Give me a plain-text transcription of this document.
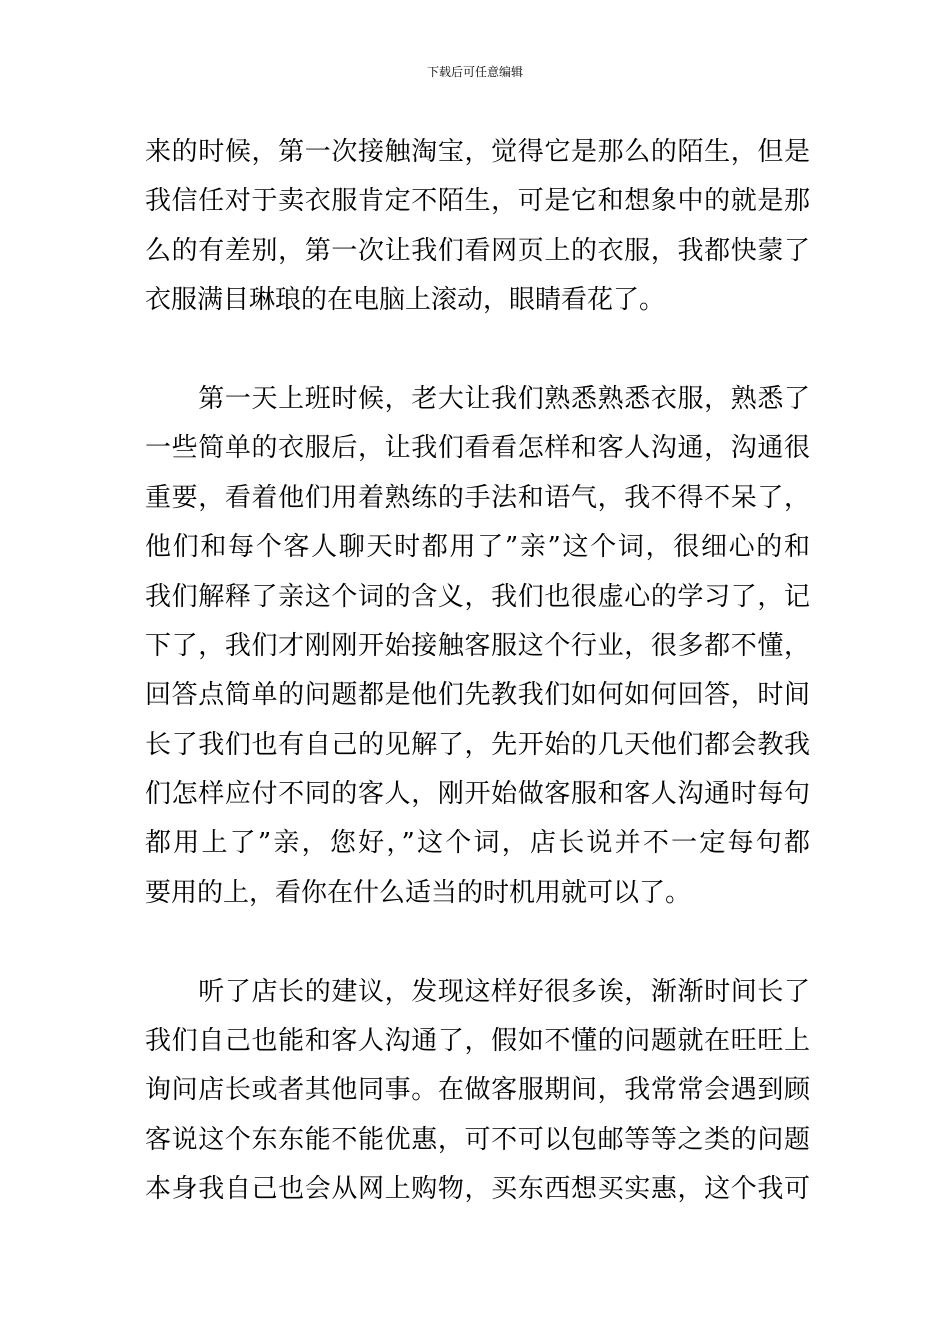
下载后可任意编辑
来的时候，第一次接触淘宝，觉得它是那么的陌生，但是
我信任对于卖衣服肯定不陌生，可是它和想象中的就是那
么的有差别，第一次让我们看网页上的衣服，我都快蒙了
衣服满目琳琅的在电脑上滚动，眼睛看花了。
　　第一天上班时候，老大让我们熟悉熟悉衣服，熟悉了
一些简单的衣服后，让我们看看怎样和客人沟通，沟通很
重要，看着他们用着熟练的手法和语气，我不得不呆了，
他们和每个客人聊天时都用了”亲”这个词，很细心的和
我们解释了亲这个词的含义，我们也很虚心的学习了，记
下了，我们才刚刚开始接触客服这个行业，很多都不懂，
回答点简单的问题都是他们先教我们如何如何回答，时间
长了我们也有自己的见解了，先开始的几天他们都会教我
们怎样应付不同的客人，刚开始做客服和客人沟通时每句
都用上了”亲，您好，”这个词，店长说并不一定每句都
要用的上，看你在什么适当的时机用就可以了。
　　听了店长的建议，发现这样好很多诶，渐渐时间长了
我们自己也能和客人沟通了，假如不懂的问题就在旺旺上
询问店长或者其他同事。在做客服期间，我常常会遇到顾
客说这个东东能不能优惠，可不可以包邮等等之类的问题
本身我自己也会从网上购物，买东西想买实惠，这个我可
